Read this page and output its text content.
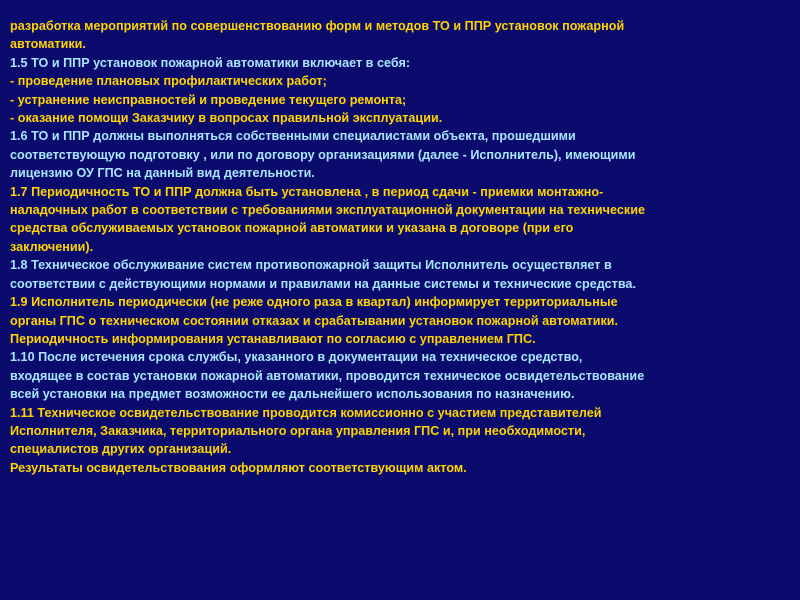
разработка мероприятий по совершенствованию форм и методов ТО и ППР установок пожарной
автоматики.
1.5 ТО и ППР установок пожарной автоматики включает в себя:
- проведение плановых профилактических работ;
- устранение неисправностей и проведение текущего ремонта;
- оказание помощи Заказчику в вопросах правильной эксплуатации.
1.6 ТО и ППР должны выполняться собственными специалистами объекта, прошедшими
соответствующую подготовку , или по договору организациями (далее - Исполнитель), имеющими
лицензию ОУ ГПС на данный вид деятельности.
1.7 Периодичность ТО и ППР должна быть установлена , в период сдачи - приемки монтажно-
наладочных работ в соответствии с требованиями эксплуатационной документации на технические
средства обслуживаемых установок пожарной автоматики и указана в договоре (при его
заключении).
1.8 Техническое обслуживание систем противопожарной защиты Исполнитель осуществляет в
соответствии с действующими нормами и правилами на данные системы и технические средства.
1.9 Исполнитель периодически (не реже одного раза в квартал) информирует территориальные
органы ГПС о техническом состоянии отказах и срабатывании установок пожарной автоматики.
Периодичность информирования устанавливают по согласию с управлением ГПС.
1.10 После истечения срока службы, указанного в документации на техническое средство,
входящее в состав установки пожарной автоматики, проводится техническое освидетельствование
всей установки на предмет возможности ее дальнейшего использования по назначению.
1.11 Техническое освидетельствование проводится комиссионно с участием представителей
Исполнителя, Заказчика, территориального органа управления ГПС и, при необходимости,
специалистов других организаций.
Результаты освидетельствования оформляют соответствующим актом.
